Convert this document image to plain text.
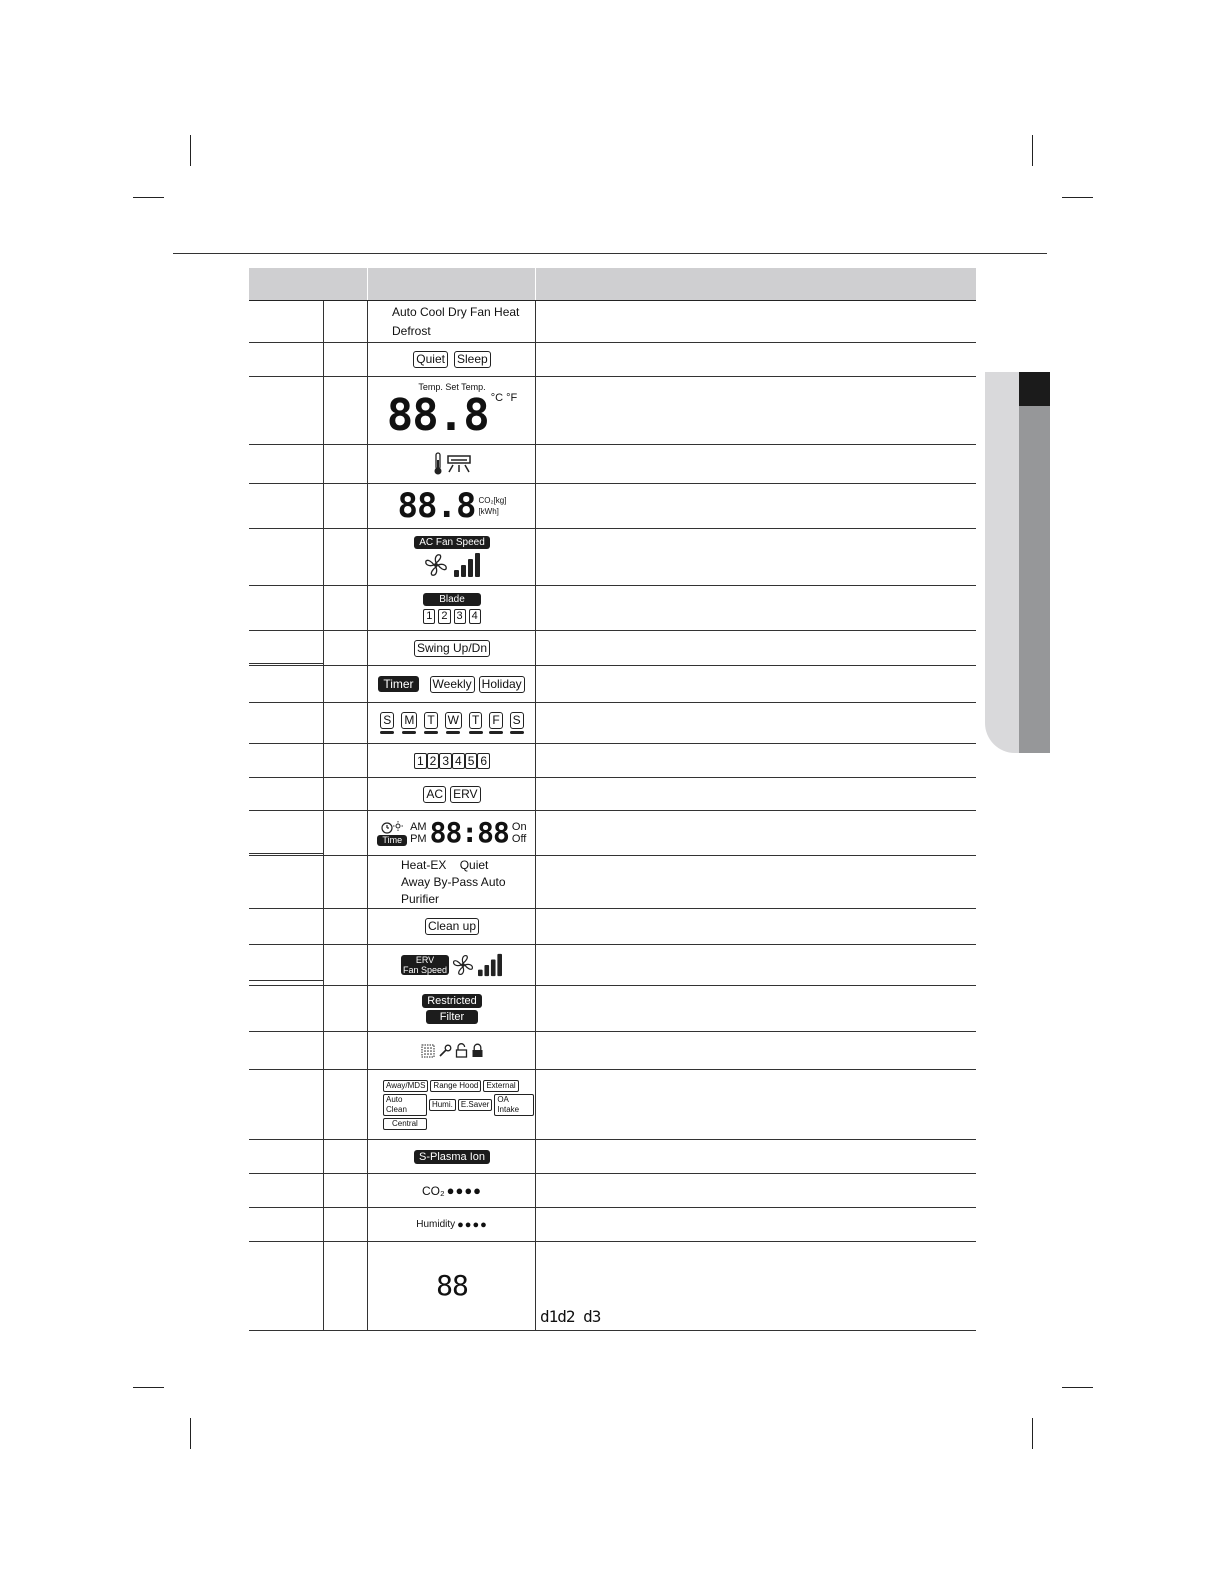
Auto Cool Dry Fan Heat
Defrost
Quiet Sleep
Temp. Set Temp.
88.8 °C °F
88.8 CO₂[kg]
[kWh]
AC Fan Speed
Blade
1 2 3 4
Swing Up/Dn
Timer	Weekly Holiday
S M T W T F S
1 2 3 4 5 6
AC ERV
Time
AM
PM 88:88 On
Off
Heat-EX    Quiet
Away By-Pass Auto
Purifier
Clean up
ERV
Fan Speed
Restricted
Filter
Away/MDS	Range Hood	External
Auto Clean
Humi.	E.Saver
OA Intake
Central
S-Plasma Ion
CO₂ ●●●●
Humidity ●●●●
88
d1d2 d3
